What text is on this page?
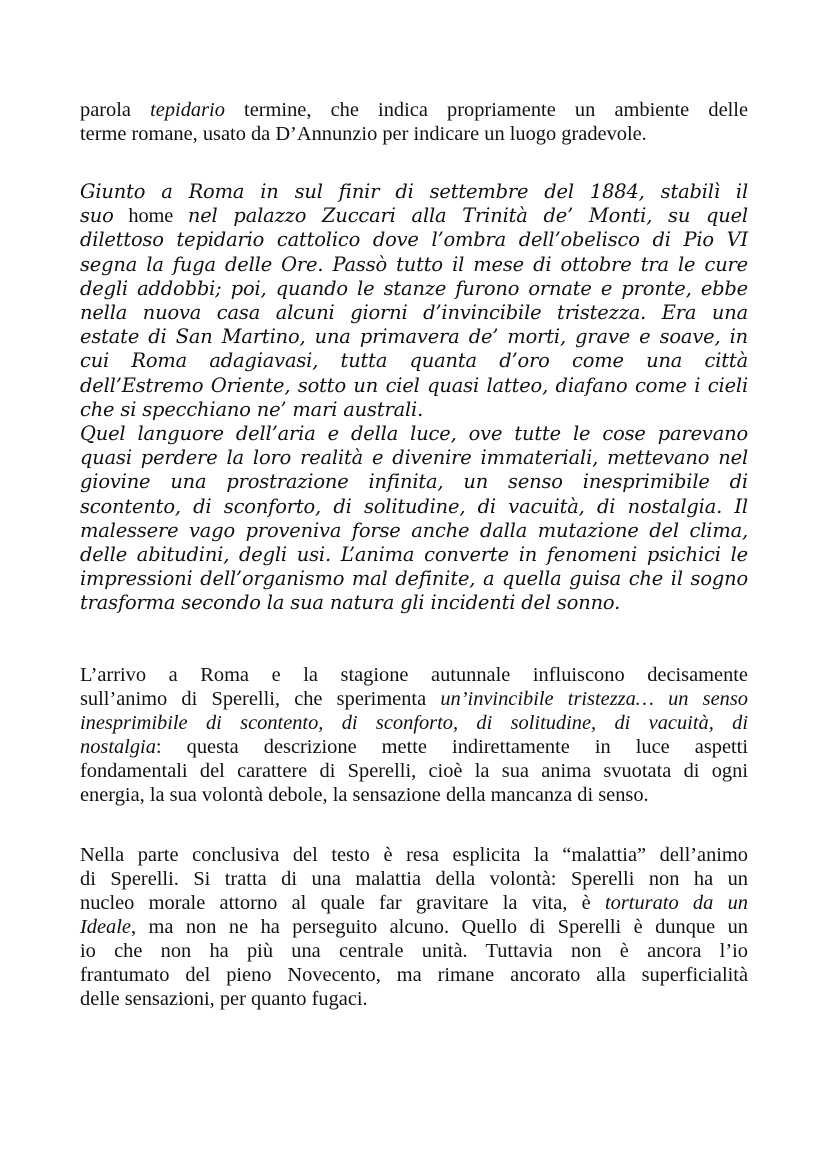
parola tepidario termine, che indica propriamente un ambiente delle
terme romane, usato da D’Annunzio per indicare un luogo gradevole.
Giunto a Roma in sul finir di settembre del 1884, stabilì il
suo home nel palazzo Zuccari alla Trinità de’ Monti, su quel
dilettoso tepidario cattolico dove l’ombra dell’obelisco di Pio VI
segna la fuga delle Ore. Passò tutto il mese di ottobre tra le cure
degli addobbi; poi, quando le stanze furono ornate e pronte, ebbe
nella nuova casa alcuni giorni d’invincibile tristezza. Era una
estate di San Martino, una primavera de’ morti, grave e soave, in
cui Roma adagiavasi, tutta quanta d’oro come una città
dell’Estremo Oriente, sotto un ciel quasi latteo, diafano come i cieli
che si specchiano ne’ mari australi.
Quel languore dell’aria e della luce, ove tutte le cose parevano
quasi perdere la loro realità e divenire immateriali, mettevano nel
giovine una prostrazione infinita, un senso inesprimibile di
scontento, di sconforto, di solitudine, di vacuità, di nostalgia. Il
malessere vago proveniva forse anche dalla mutazione del clima,
delle abitudini, degli usi. L’anima converte in fenomeni psichici le
impressioni dell’organismo mal definite, a quella guisa che il sogno
trasforma secondo la sua natura gli incidenti del sonno.
L’arrivo a Roma e la stagione autunnale influiscono decisamente
sull’animo di Sperelli, che sperimenta un’invincibile tristezza… un senso
inesprimibile di scontento, di sconforto, di solitudine, di vacuità, di
nostalgia: questa descrizione mette indirettamente in luce aspetti
fondamentali del carattere di Sperelli, cioè la sua anima svuotata di ogni
energia, la sua volontà debole, la sensazione della mancanza di senso.
Nella parte conclusiva del testo è resa esplicita la “malattia” dell’animo
di Sperelli. Si tratta di una malattia della volontà: Sperelli non ha un
nucleo morale attorno al quale far gravitare la vita, è torturato da un
Ideale, ma non ne ha perseguito alcuno. Quello di Sperelli è dunque un
io che non ha più una centrale unità. Tuttavia non è ancora l’io
frantumato del pieno Novecento, ma rimane ancorato alla superficialità
delle sensazioni, per quanto fugaci.
